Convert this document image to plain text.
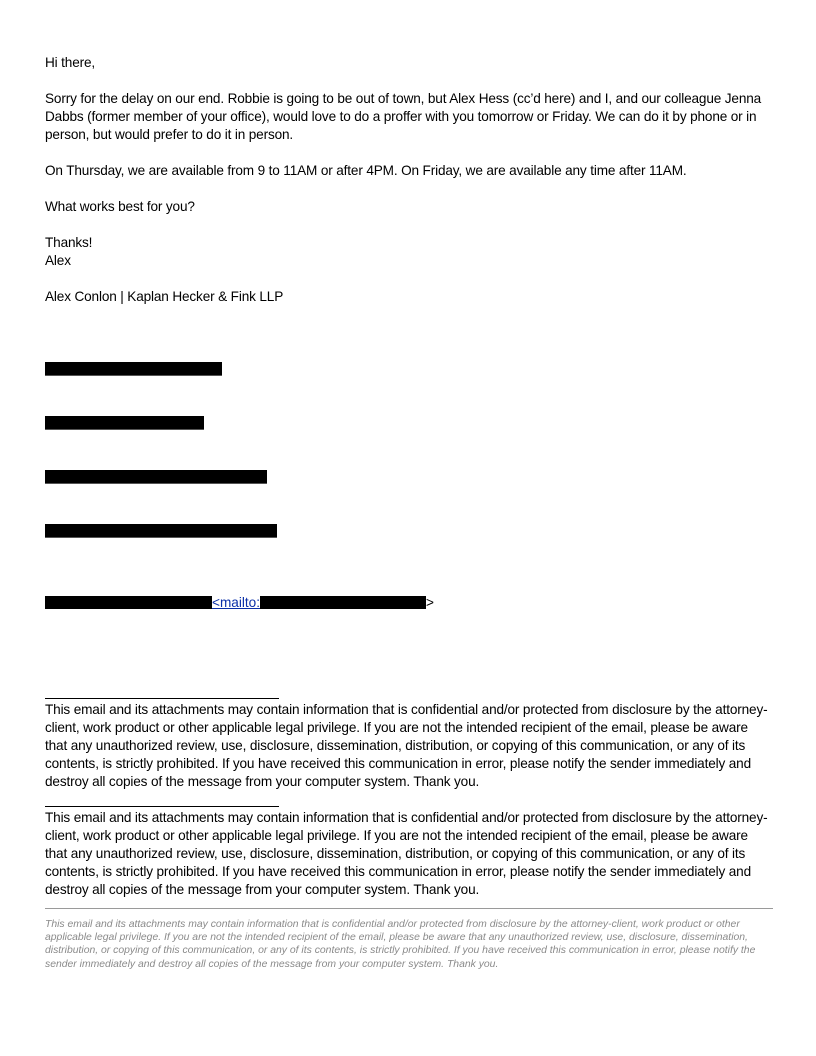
Hi there,
Sorry for the delay on our end. Robbie is going to be out of town, but Alex Hess (cc’d here) and I, and our colleague Jenna Dabbs (former member of your office), would love to do a proffer with you tomorrow or Friday. We can do it by phone or in person, but would prefer to do it in person.
On Thursday, we are available from 9 to 11AM or after 4PM. On Friday, we are available any time after 11AM.
What works best for you?
Thanks!
Alex
Alex Conlon | Kaplan Hecker & Fink LLP
<mailto:	>
This email and its attachments may contain information that is confidential and/or protected from disclosure by the attorney-client, work product or other applicable legal privilege. If you are not the intended recipient of the email, please be aware that any unauthorized review, use, disclosure, dissemination, distribution, or copying of this communication, or any of its contents, is strictly prohibited. If you have received this communication in error, please notify the sender immediately and destroy all copies of the message from your computer system. Thank you.
This email and its attachments may contain information that is confidential and/or protected from disclosure by the attorney-client, work product or other applicable legal privilege. If you are not the intended recipient of the email, please be aware that any unauthorized review, use, disclosure, dissemination, distribution, or copying of this communication, or any of its contents, is strictly prohibited. If you have received this communication in error, please notify the sender immediately and destroy all copies of the message from your computer system. Thank you.
This email and its attachments may contain information that is confidential and/or protected from disclosure by the attorney-client, work product or other applicable legal privilege. If you are not the intended recipient of the email, please be aware that any unauthorized review, use, disclosure, dissemination, distribution, or copying of this communication, or any of its contents, is strictly prohibited. If you have received this communication in error, please notify the sender immediately and destroy all copies of the message from your computer system. Thank you.
